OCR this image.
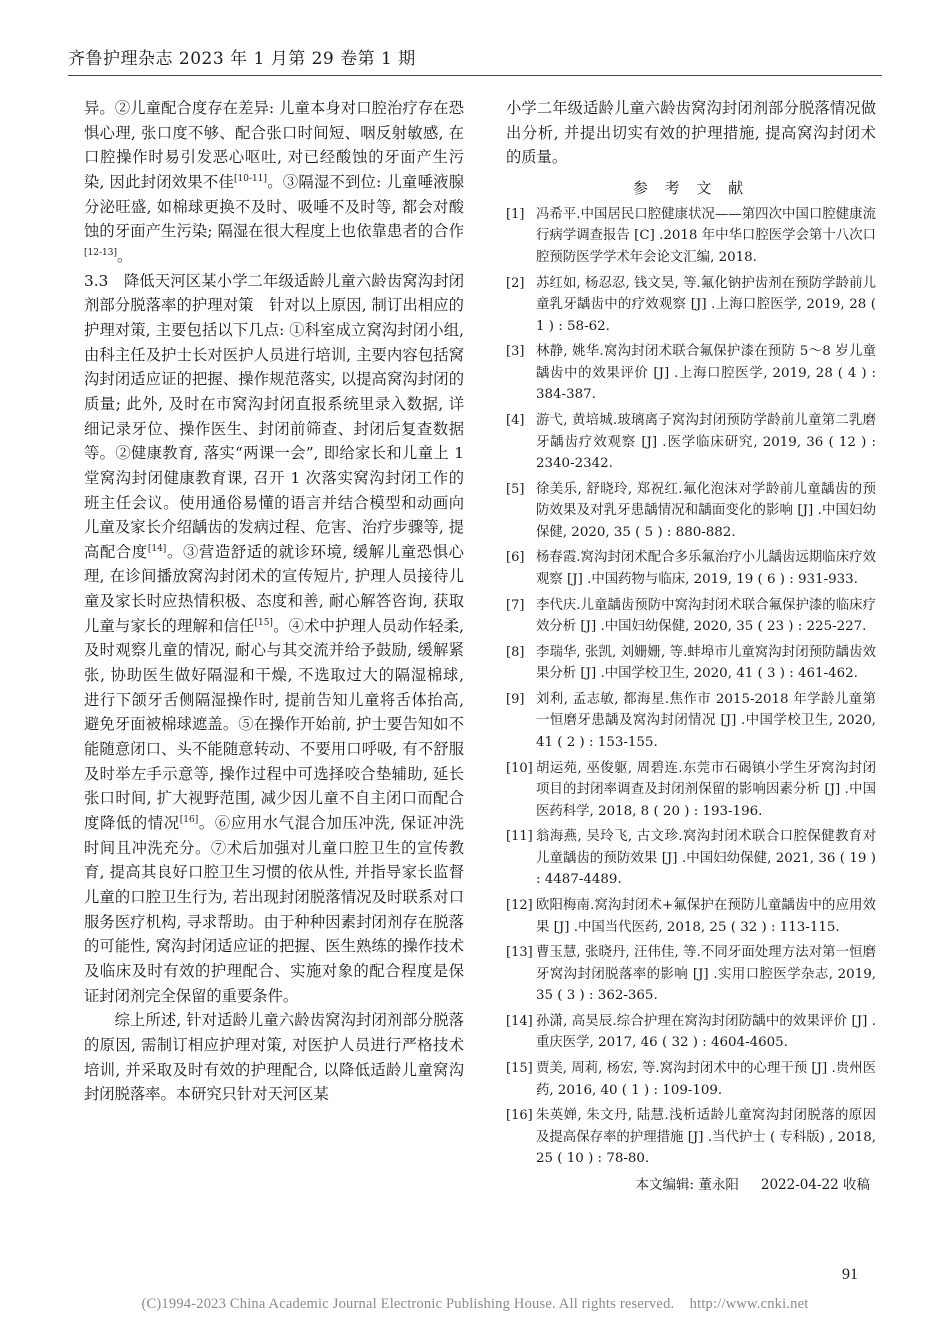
齐鲁护理杂志 2023 年 1 月第 29 卷第 1 期

异。②儿童配合度存在差异: 儿童本身对口腔治疗存在恐惧心理, 张口度不够、配合张口时间短、咽反射敏感, 在口腔操作时易引发恶心呕吐, 对已经酸蚀的牙面产生污染, 因此封闭效果不佳[10-11]。③隔湿不到位: 儿童唾液腺分泌旺盛, 如棉球更换不及时、吸唾不及时等, 都会对酸蚀的牙面产生污染; 隔湿在很大程度上也依靠患者的合作[12-13]。

3.3　降低天河区某小学二年级适龄儿童六龄齿窝沟封闭剂部分脱落率的护理对策　针对以上原因, 制订出相应的护理对策, 主要包括以下几点: ①科室成立窝沟封闭小组, 由科主任及护士长对医护人员进行培训, 主要内容包括窝沟封闭适应证的把握、操作规范落实, 以提高窝沟封闭的质量; 此外, 及时在市窝沟封闭直报系统里录入数据, 详细记录牙位、操作医生、封闭前筛查、封闭后复查数据等。②健康教育, 落实“两课一会”, 即给家长和儿童上 1 堂窝沟封闭健康教育课, 召开 1 次落实窝沟封闭工作的班主任会议。使用通俗易懂的语言并结合模型和动画向儿童及家长介绍龋齿的发病过程、危害、治疗步骤等, 提高配合度[14]。③营造舒适的就诊环境, 缓解儿童恐惧心理, 在诊间播放窝沟封闭术的宣传短片, 护理人员接待儿童及家长时应热情积极、态度和善, 耐心解答咨询, 获取儿童与家长的理解和信任[15]。④术中护理人员动作轻柔, 及时观察儿童的情况, 耐心与其交流并给予鼓励, 缓解紧张, 协助医生做好隔湿和干燥, 不选取过大的隔湿棉球, 进行下颌牙舌侧隔湿操作时, 提前告知儿童将舌体抬高, 避免牙面被棉球遮盖。⑤在操作开始前, 护士要告知如不能随意闭口、头不能随意转动、不要用口呼吸, 有不舒服及时举左手示意等, 操作过程中可选择咬合垫辅助, 延长张口时间, 扩大视野范围, 减少因儿童不自主闭口而配合度降低的情况[16]。⑥应用水气混合加压冲洗, 保证冲洗时间且冲洗充分。⑦术后加强对儿童口腔卫生的宣传教育, 提高其良好口腔卫生习惯的依从性, 并指导家长监督儿童的口腔卫生行为, 若出现封闭脱落情况及时联系对口服务医疗机构, 寻求帮助。由于种种因素封闭剂存在脱落的可能性, 窝沟封闭适应证的把握、医生熟练的操作技术及临床及时有效的护理配合、实施对象的配合程度是保证封闭剂完全保留的重要条件。

综上所述, 针对适龄儿童六龄齿窝沟封闭剂部分脱落的原因, 需制订相应护理对策, 对医护人员进行严格技术培训, 并采取及时有效的护理配合, 以降低适龄儿童窝沟封闭脱落率。本研究只针对天河区某

小学二年级适龄儿童六龄齿窝沟封闭剂部分脱落情况做出分析, 并提出切实有效的护理措施, 提高窝沟封闭术的质量。

参 考 文 献
[1] 冯希平.中国居民口腔健康状况——第四次中国口腔健康流行病学调查报告 [C] .2018 年中华口腔医学会第十八次口腔预防医学学术年会论文汇编, 2018.
[2] 苏红如, 杨忍忍, 钱文昊, 等.氟化钠护齿剂在预防学龄前儿童乳牙龋齿中的疗效观察 [J] .上海口腔医学, 2019, 28 ( 1 ) : 58-62.
[3] 林静, 姚华.窝沟封闭术联合氟保护漆在预防 5～8 岁儿童龋齿中的效果评价 [J] .上海口腔医学, 2019, 28 ( 4 ) : 384-387.
[4] 游弋, 黄培城.玻璃离子窝沟封闭预防学龄前儿童第二乳磨牙龋齿疗效观察 [J] .医学临床研究, 2019, 36 ( 12 ) : 2340-2342.
[5] 徐美乐, 舒晓玲, 郑祝红.氟化泡沫对学龄前儿童龋齿的预防效果及对乳牙患龋情况和龋面变化的影响 [J] .中国妇幼保健, 2020, 35 ( 5 ) : 880-882.
[6] 杨春霞.窝沟封闭术配合多乐氟治疗小儿龋齿远期临床疗效观察 [J] .中国药物与临床, 2019, 19 ( 6 ) : 931-933.
[7] 李代庆.儿童龋齿预防中窝沟封闭术联合氟保护漆的临床疗效分析 [J] .中国妇幼保健, 2020, 35 ( 23 ) : 225-227.
[8] 李瑞华, 张凯, 刘姗姗, 等.蚌埠市儿童窝沟封闭预防龋齿效果分析 [J] .中国学校卫生, 2020, 41 ( 3 ) : 461-462.
[9] 刘利, 孟志敏, 都海星.焦作市 2015-2018 年学龄儿童第一恒磨牙患龋及窝沟封闭情况 [J] .中国学校卫生, 2020, 41 ( 2 ) : 153-155.
[10] 胡运苑, 巫俊躯, 周碧连.东莞市石碣镇小学生牙窝沟封闭项目的封闭率调查及封闭剂保留的影响因素分析 [J] .中国医药科学, 2018, 8 ( 20 ) : 193-196.
[11] 翁海燕, 吴玲飞, 古文珍.窝沟封闭术联合口腔保健教育对儿童龋齿的预防效果 [J] .中国妇幼保健, 2021, 36 ( 19 ) : 4487-4489.
[12] 欧阳梅南.窝沟封闭术+氟保护在预防儿童龋齿中的应用效果 [J] .中国当代医药, 2018, 25 ( 32 ) : 113-115.
[13] 曹玉慧, 张晓丹, 汪伟佳, 等.不同牙面处理方法对第一恒磨牙窝沟封闭脱落率的影响 [J] .实用口腔医学杂志, 2019, 35 ( 3 ) : 362-365.
[14] 孙潇, 高昊辰.综合护理在窝沟封闭防龋中的效果评价 [J] .重庆医学, 2017, 46 ( 32 ) : 4604-4605.
[15] 贾美, 周莉, 杨宏, 等.窝沟封闭术中的心理干预 [J] .贵州医药, 2016, 40 ( 1 ) : 109-109.
[16] 朱英婵, 朱文丹, 陆慧.浅析适龄儿童窝沟封闭脱落的原因及提高保存率的护理措施 [J] .当代护士 ( 专科版) , 2018, 25 ( 10 ) : 78-80.
本文编辑: 董永阳 2022-04-22 收稿
91
(C)1994-2023 China Academic Journal Electronic Publishing House. All rights reserved.    http://www.cnki.net
